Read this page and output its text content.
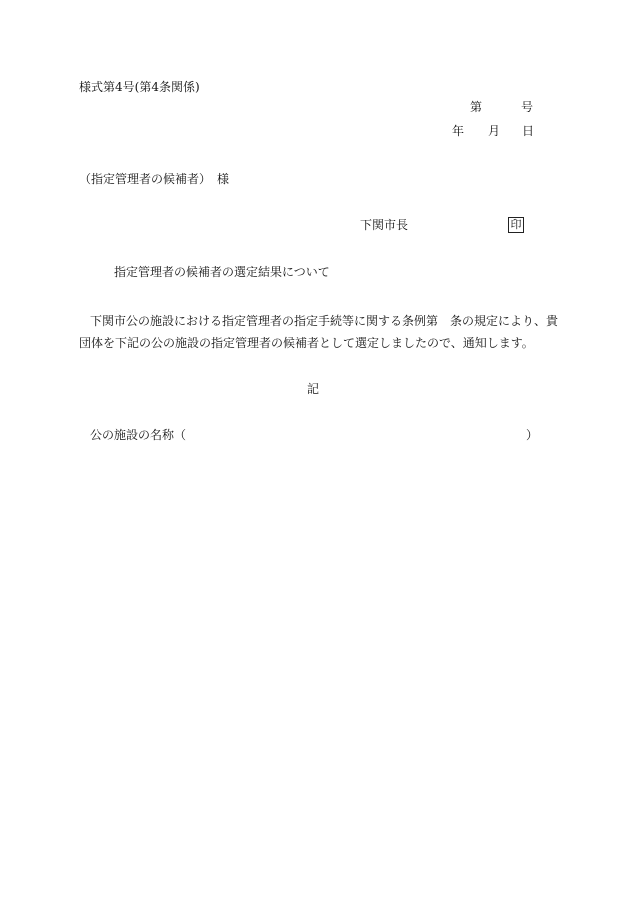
様式第4号(第4条関係)
第	号
年 月 日
（指定管理者の候補者）　様
下関市長	印
指定管理者の候補者の選定結果について
下関市公の施設における指定管理者の指定手続等に関する条例第　条の規定により、貴
団体を下記の公の施設の指定管理者の候補者として選定しましたので、通知します。
記
公の施設の名称（	）
